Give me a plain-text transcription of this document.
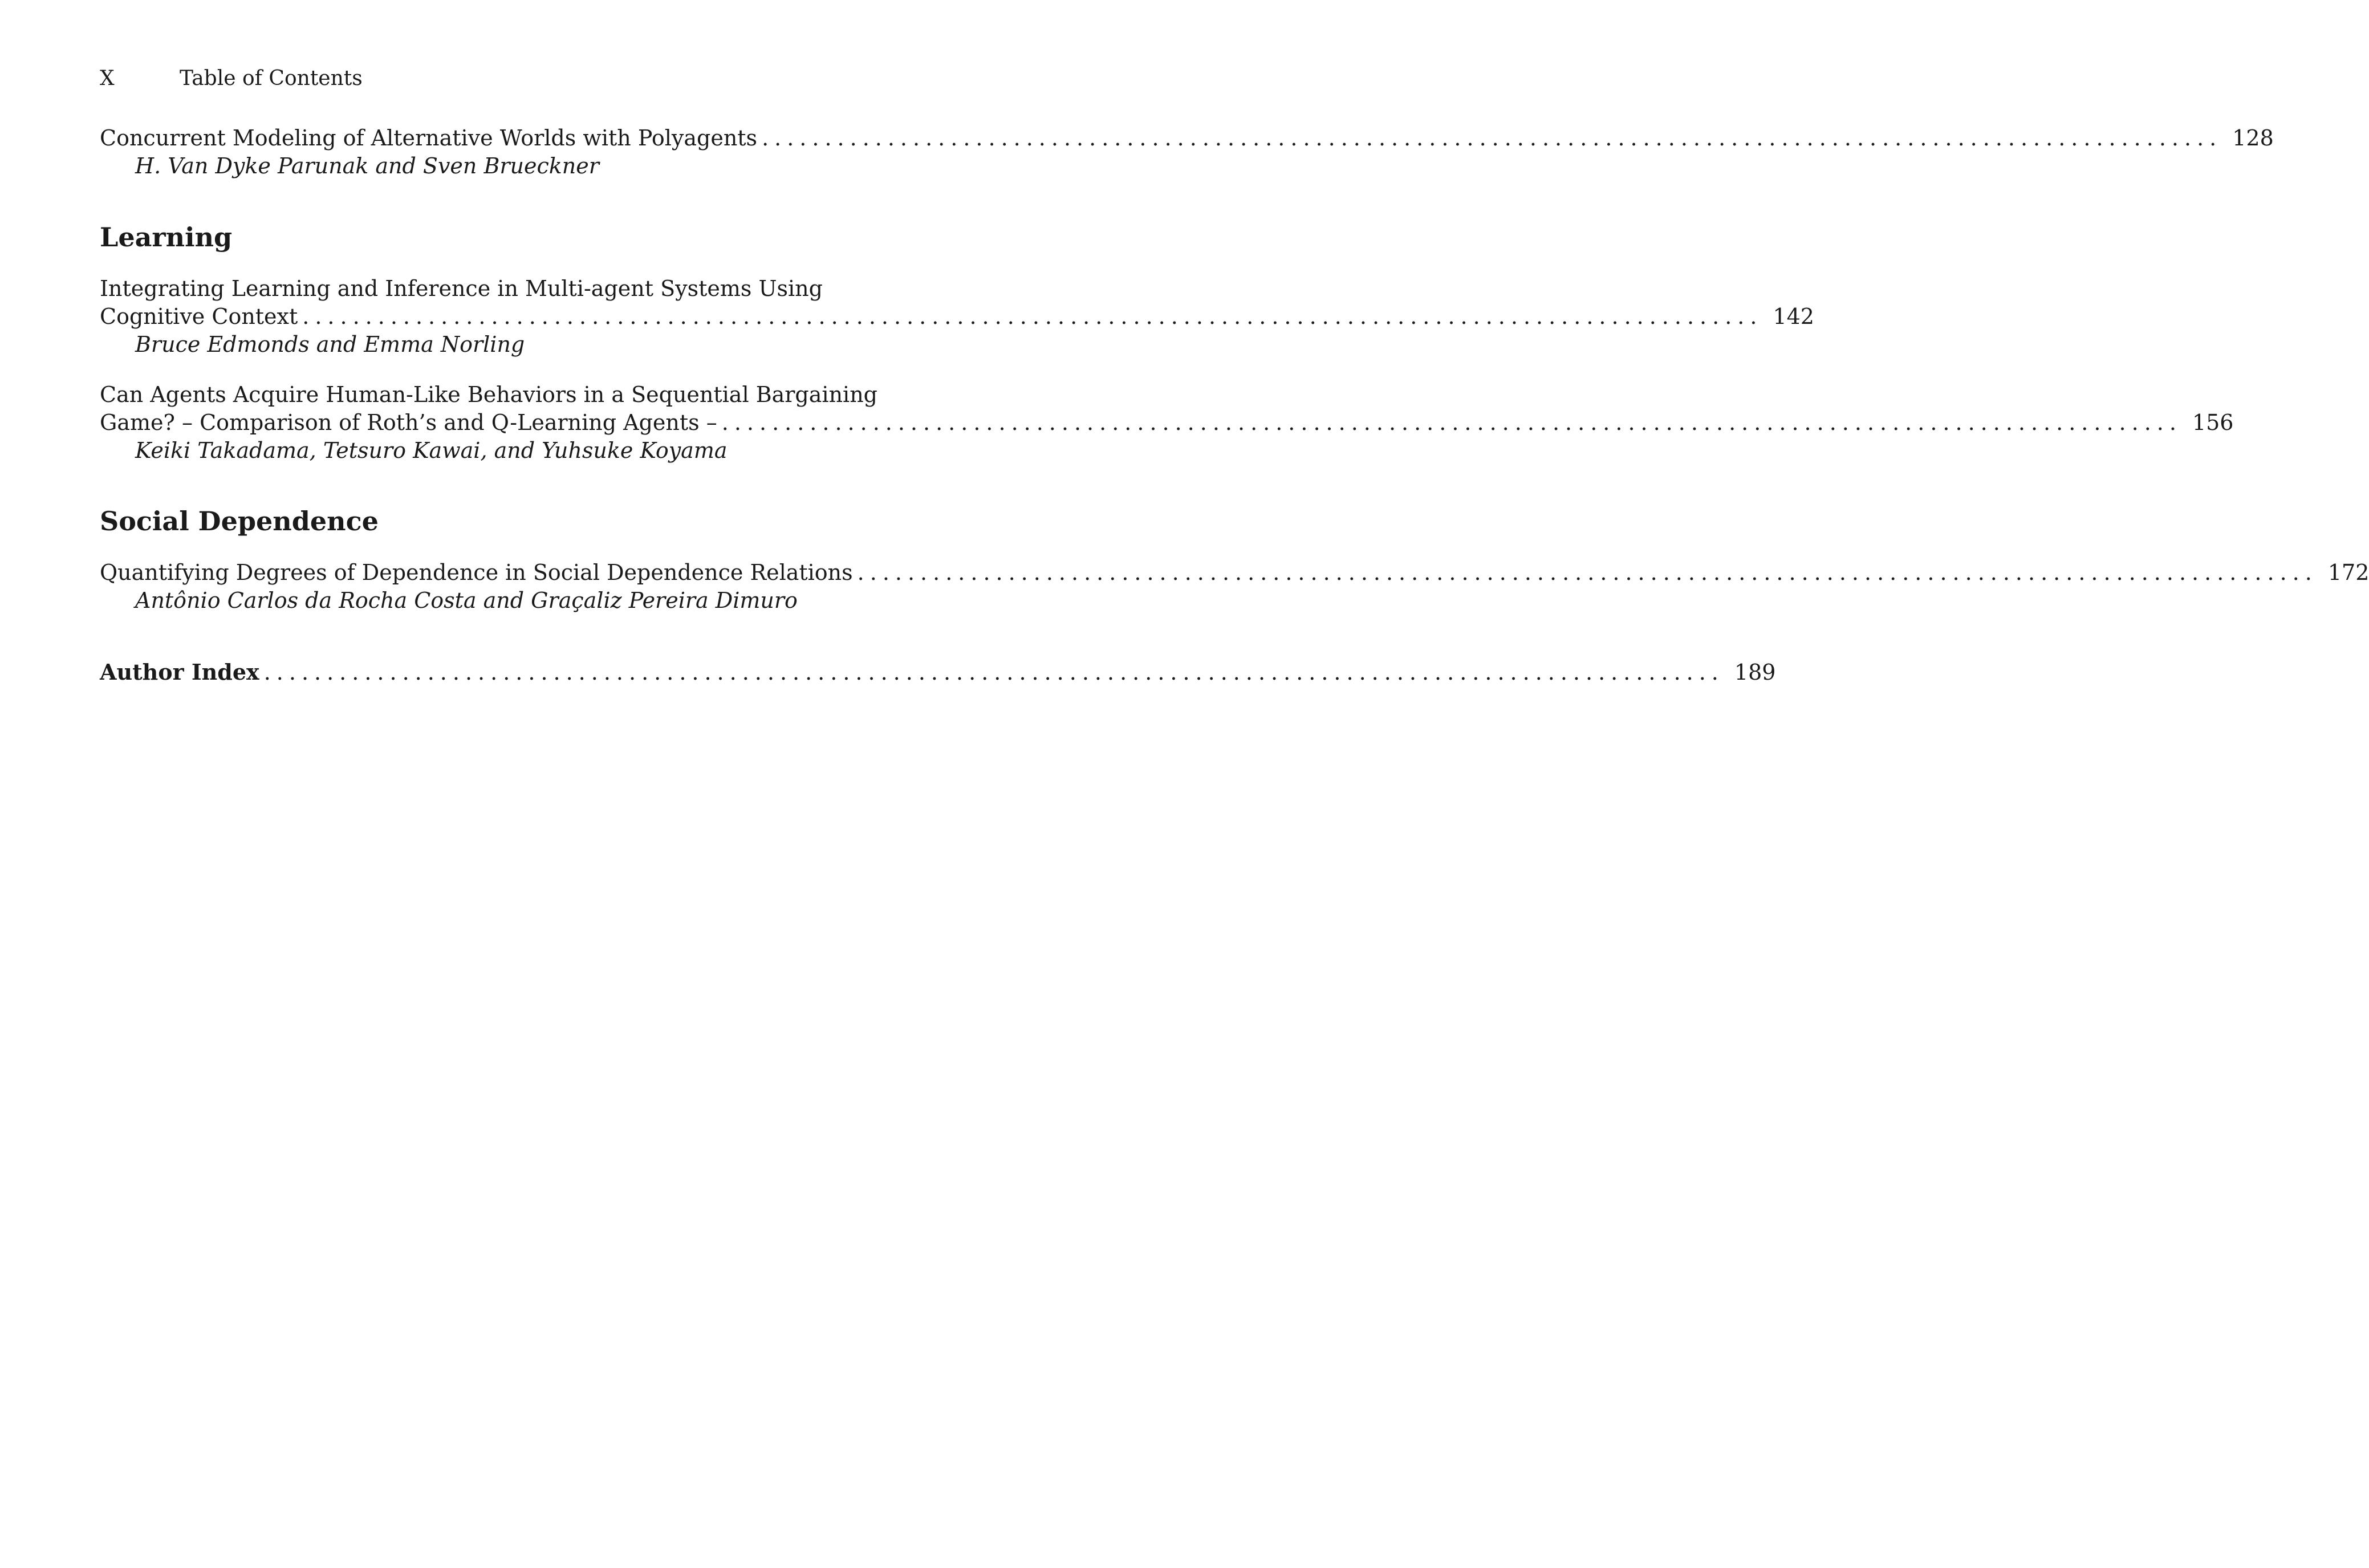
X	Table of Contents
Concurrent Modeling of Alternative Worlds with Polyagents .................................................................................................................... 128
H. Van Dyke Parunak and Sven Brueckner
Learning
Integrating Learning and Inference in Multi-agent Systems Using
Cognitive Context .................................................................................................................... 142
Bruce Edmonds and Emma Norling
Can Agents Acquire Human-Like Behaviors in a Sequential Bargaining
Game? – Comparison of Roth’s and Q-Learning Agents – .................................................................................................................... 156
Keiki Takadama, Tetsuro Kawai, and Yuhsuke Koyama
Social Dependence
Quantifying Degrees of Dependence in Social Dependence Relations .................................................................................................................... 172
Antônio Carlos da Rocha Costa and Graçaliz Pereira Dimuro
Author Index .................................................................................................................... 189
